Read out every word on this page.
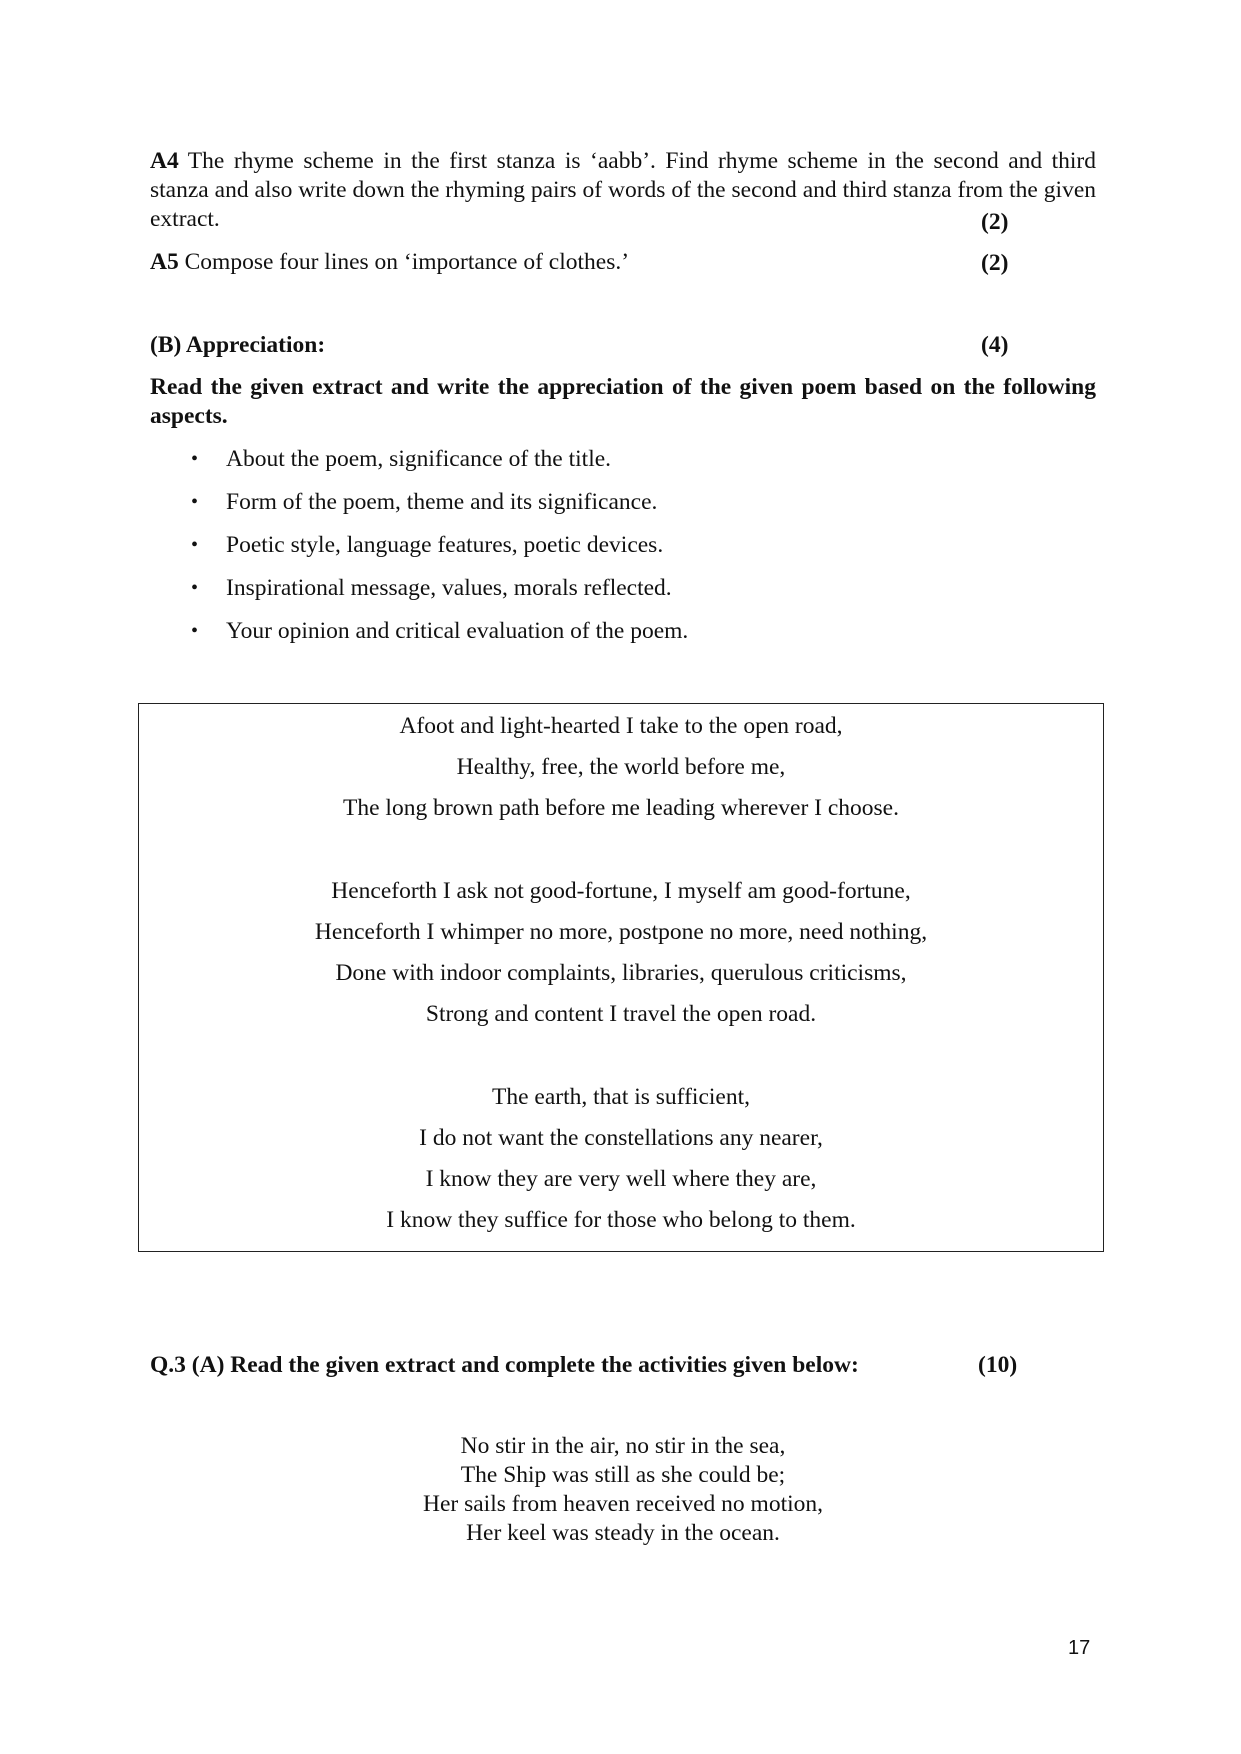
A4 The rhyme scheme in the first stanza is ‘aabb’. Find rhyme scheme in the second and third stanza and also write down the rhyming pairs of words of the second and third stanza from the given extract.	(2)
A5 Compose four lines on ‘importance of clothes.’	(2)
(B) Appreciation:	(4)
Read the given extract and write the appreciation of the given poem based on the following aspects.
• About the poem, significance of the title.
• Form of the poem, theme and its significance.
• Poetic style, language features, poetic devices.
• Inspirational message, values, morals reflected.
• Your opinion and critical evaluation of the poem.
Afoot and light-hearted I take to the open road,
Healthy, free, the world before me,
The long brown path before me leading wherever I choose.
Henceforth I ask not good-fortune, I myself am good-fortune,
Henceforth I whimper no more, postpone no more, need nothing,
Done with indoor complaints, libraries, querulous criticisms,
Strong and content I travel the open road.
The earth, that is sufficient,
I do not want the constellations any nearer,
I know they are very well where they are,
I know they suffice for those who belong to them.
Q.3 (A) Read the given extract and complete the activities given below:	(10)
No stir in the air, no stir in the sea,
The Ship was still as she could be;
Her sails from heaven received no motion,
Her keel was steady in the ocean.
17
